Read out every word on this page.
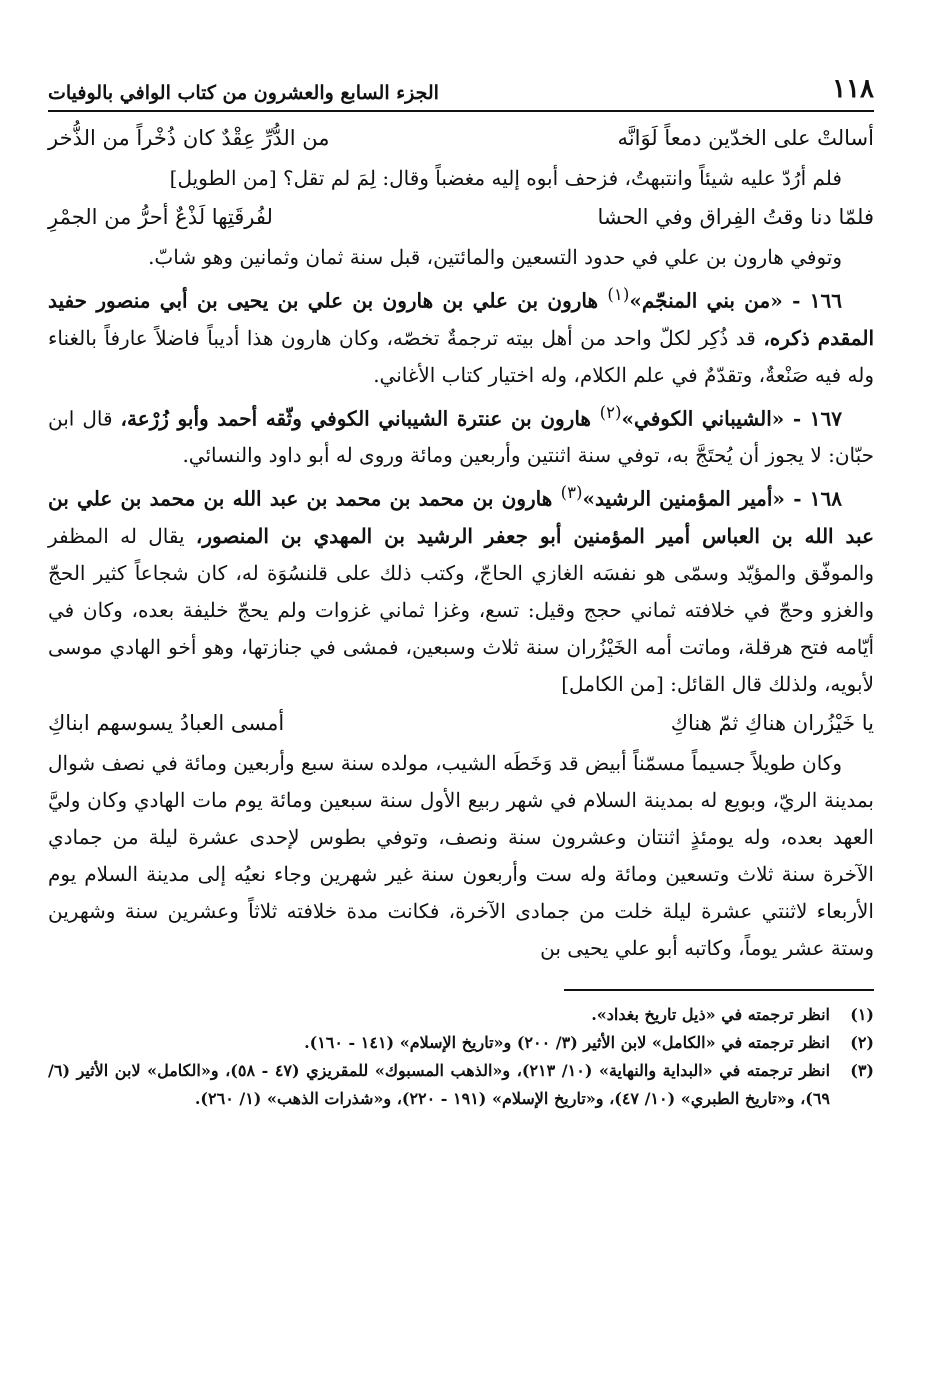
١١٨
الجزء السابع والعشرون من كتاب الوافي بالوفيات
أسالتْ على الخدّين دمعاً لَوَانَّه
من الدُّرِّ عِقْدٌ كان ذُخْراً من الذُّخر

فلم أرُدّ عليه شيئاً وانتبهتُ، فزحف أبوه إليه مغضباً وقال: لِمَ لم تقل؟ [من الطويل]

فلمّا دنا وقتُ الفِراق وفي الحشا
لفُرقَتِها لَذْعٌ أحرُّ من الجمْرِ

وتوفي هارون بن علي في حدود التسعين والمائتين، قبل سنة ثمان وثمانين وهو شابّ.

١٦٦ - «من بني المنجّم»$^{(١)}$ هارون بن علي بن هارون بن علي بن يحيى بن أبي منصور حفيد المقدم ذكره، قد ذُكِر لكلّ واحد من أهل بيته ترجمةٌ تخصّه، وكان هارون هذا أديباً فاضلاً عارفاً بالغناء وله فيه صَنْعةٌ، وتقدّمٌ في علم الكلام، وله اختيار كتاب الأغاني.

١٦٧ - «الشيباني الكوفي»$^{(٢)}$ هارون بن عنترة الشيباني الكوفي وثّقه أحمد وأبو زُرْعة، قال ابن حبّان: لا يجوز أن يُحتَجَّ به، توفي سنة اثنتين وأربعين ومائة وروى له أبو داود والنسائي.

١٦٨ - «أمير المؤمنين الرشيد»$^{(٣)}$ هارون بن محمد بن محمد بن عبد الله بن محمد بن علي بن عبد الله بن العباس أمير المؤمنين أبو جعفر الرشيد بن المهدي بن المنصور، يقال له المظفر والموفّق والمؤيّد وسمّى هو نفسَه الغازي الحاجّ، وكتب ذلك على قلنسُوَة له، كان شجاعاً كثير الحجّ والغزو وحجّ في خلافته ثماني حجج وقيل: تسع، وغزا ثماني غزوات ولم يحجّ خليفة بعده، وكان في أيّامه فتح هرقلة، وماتت أمه الخَيْزُران سنة ثلاث وسبعين، فمشى في جنازتها، وهو أخو الهادي موسى لأبويه، ولذلك قال القائل: [من الكامل]

يا خَيْزُران هناكِ ثمّ هناكِ
أمسى العبادُ يسوسهم ابناكِ

وكان طويلاً جسيماً مسمّناً أبيض قد وَخَطَه الشيب، مولده سنة سبع وأربعين ومائة في نصف شوال بمدينة الريّ، وبويع له بمدينة السلام في شهر ربيع الأول سنة سبعين ومائة يوم مات الهادي وكان وليَّ العهد بعده، وله يومئذٍ اثنتان وعشرون سنة ونصف، وتوفي بطوس لإحدى عشرة ليلة من جمادي الآخرة سنة ثلاث وتسعين ومائة وله ست وأربعون سنة غير شهرين وجاء نعيُه إلى مدينة السلام يوم الأربعاء لاثنتي عشرة ليلة خلت من جمادى الآخرة، فكانت مدة خلافته ثلاثاً وعشرين سنة وشهرين وستة عشر يوماً، وكاتبه أبو علي يحيى بن

(١)
انظر ترجمته في «ذيل تاريخ بغداد».
(٢)
انظر ترجمته في «الكامل» لابن الأثير (٣/ ٢٠٠) و«تاريخ الإسلام» (١٤١ - ١٦٠).
(٣)
انظر ترجمته في «البداية والنهاية» (١٠/ ٢١٣)، و«الذهب المسبوك» للمقريزي (٤٧ - ٥٨)، و«الكامل» لابن الأثير (٦/ ٦٩)، و«تاريخ الطبري» (١٠/ ٤٧)، و«تاريخ الإسلام» (١٩١ - ٢٢٠)، و«شذرات الذهب» (١/ ٢٦٠).
